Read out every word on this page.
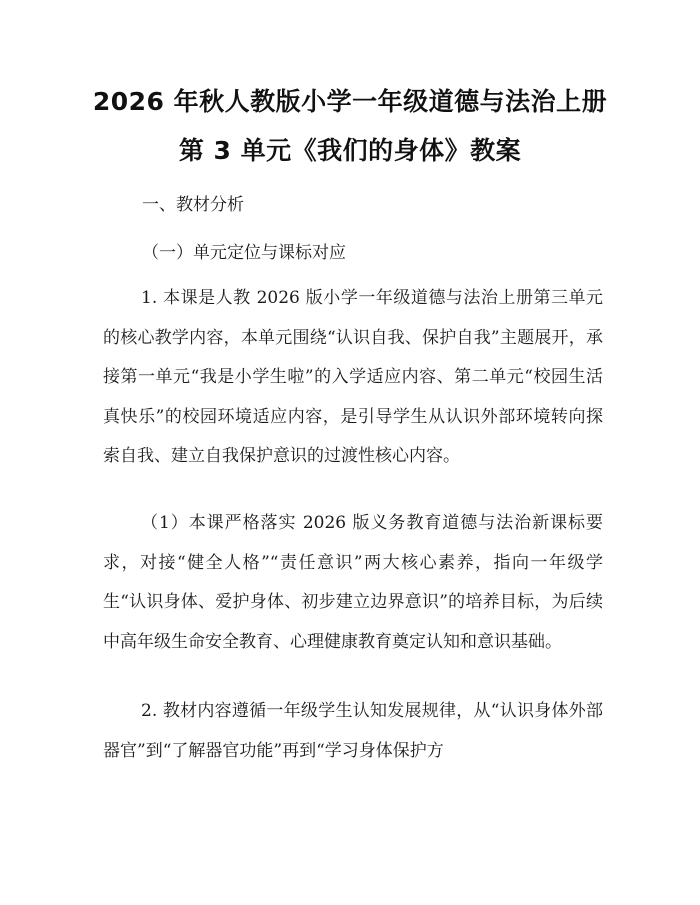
2026 年秋人教版小学一年级道德与法治上册
第 3 单元《我们的身体》教案

一、教材分析

（一）单元定位与课标对应

1. 本课是人教 2026 版小学一年级道德与法治上册第三单元的核心教学内容，本单元围绕“认识自我、保护自我”主题展开，承接第一单元“我是小学生啦”的入学适应内容、第二单元“校园生活真快乐”的校园环境适应内容，是引导学生从认识外部环境转向探索自我、建立自我保护意识的过渡性核心内容。

（1）本课严格落实 2026 版义务教育道德与法治新课标要求，对接“健全人格”“责任意识”两大核心素养，指向一年级学生“认识身体、爱护身体、初步建立边界意识”的培养目标，为后续中高年级生命安全教育、心理健康教育奠定认知和意识基础。

2. 教材内容遵循一年级学生认知发展规律，从“认识身体外部器官”到“了解器官功能”再到“学习身体保护方
